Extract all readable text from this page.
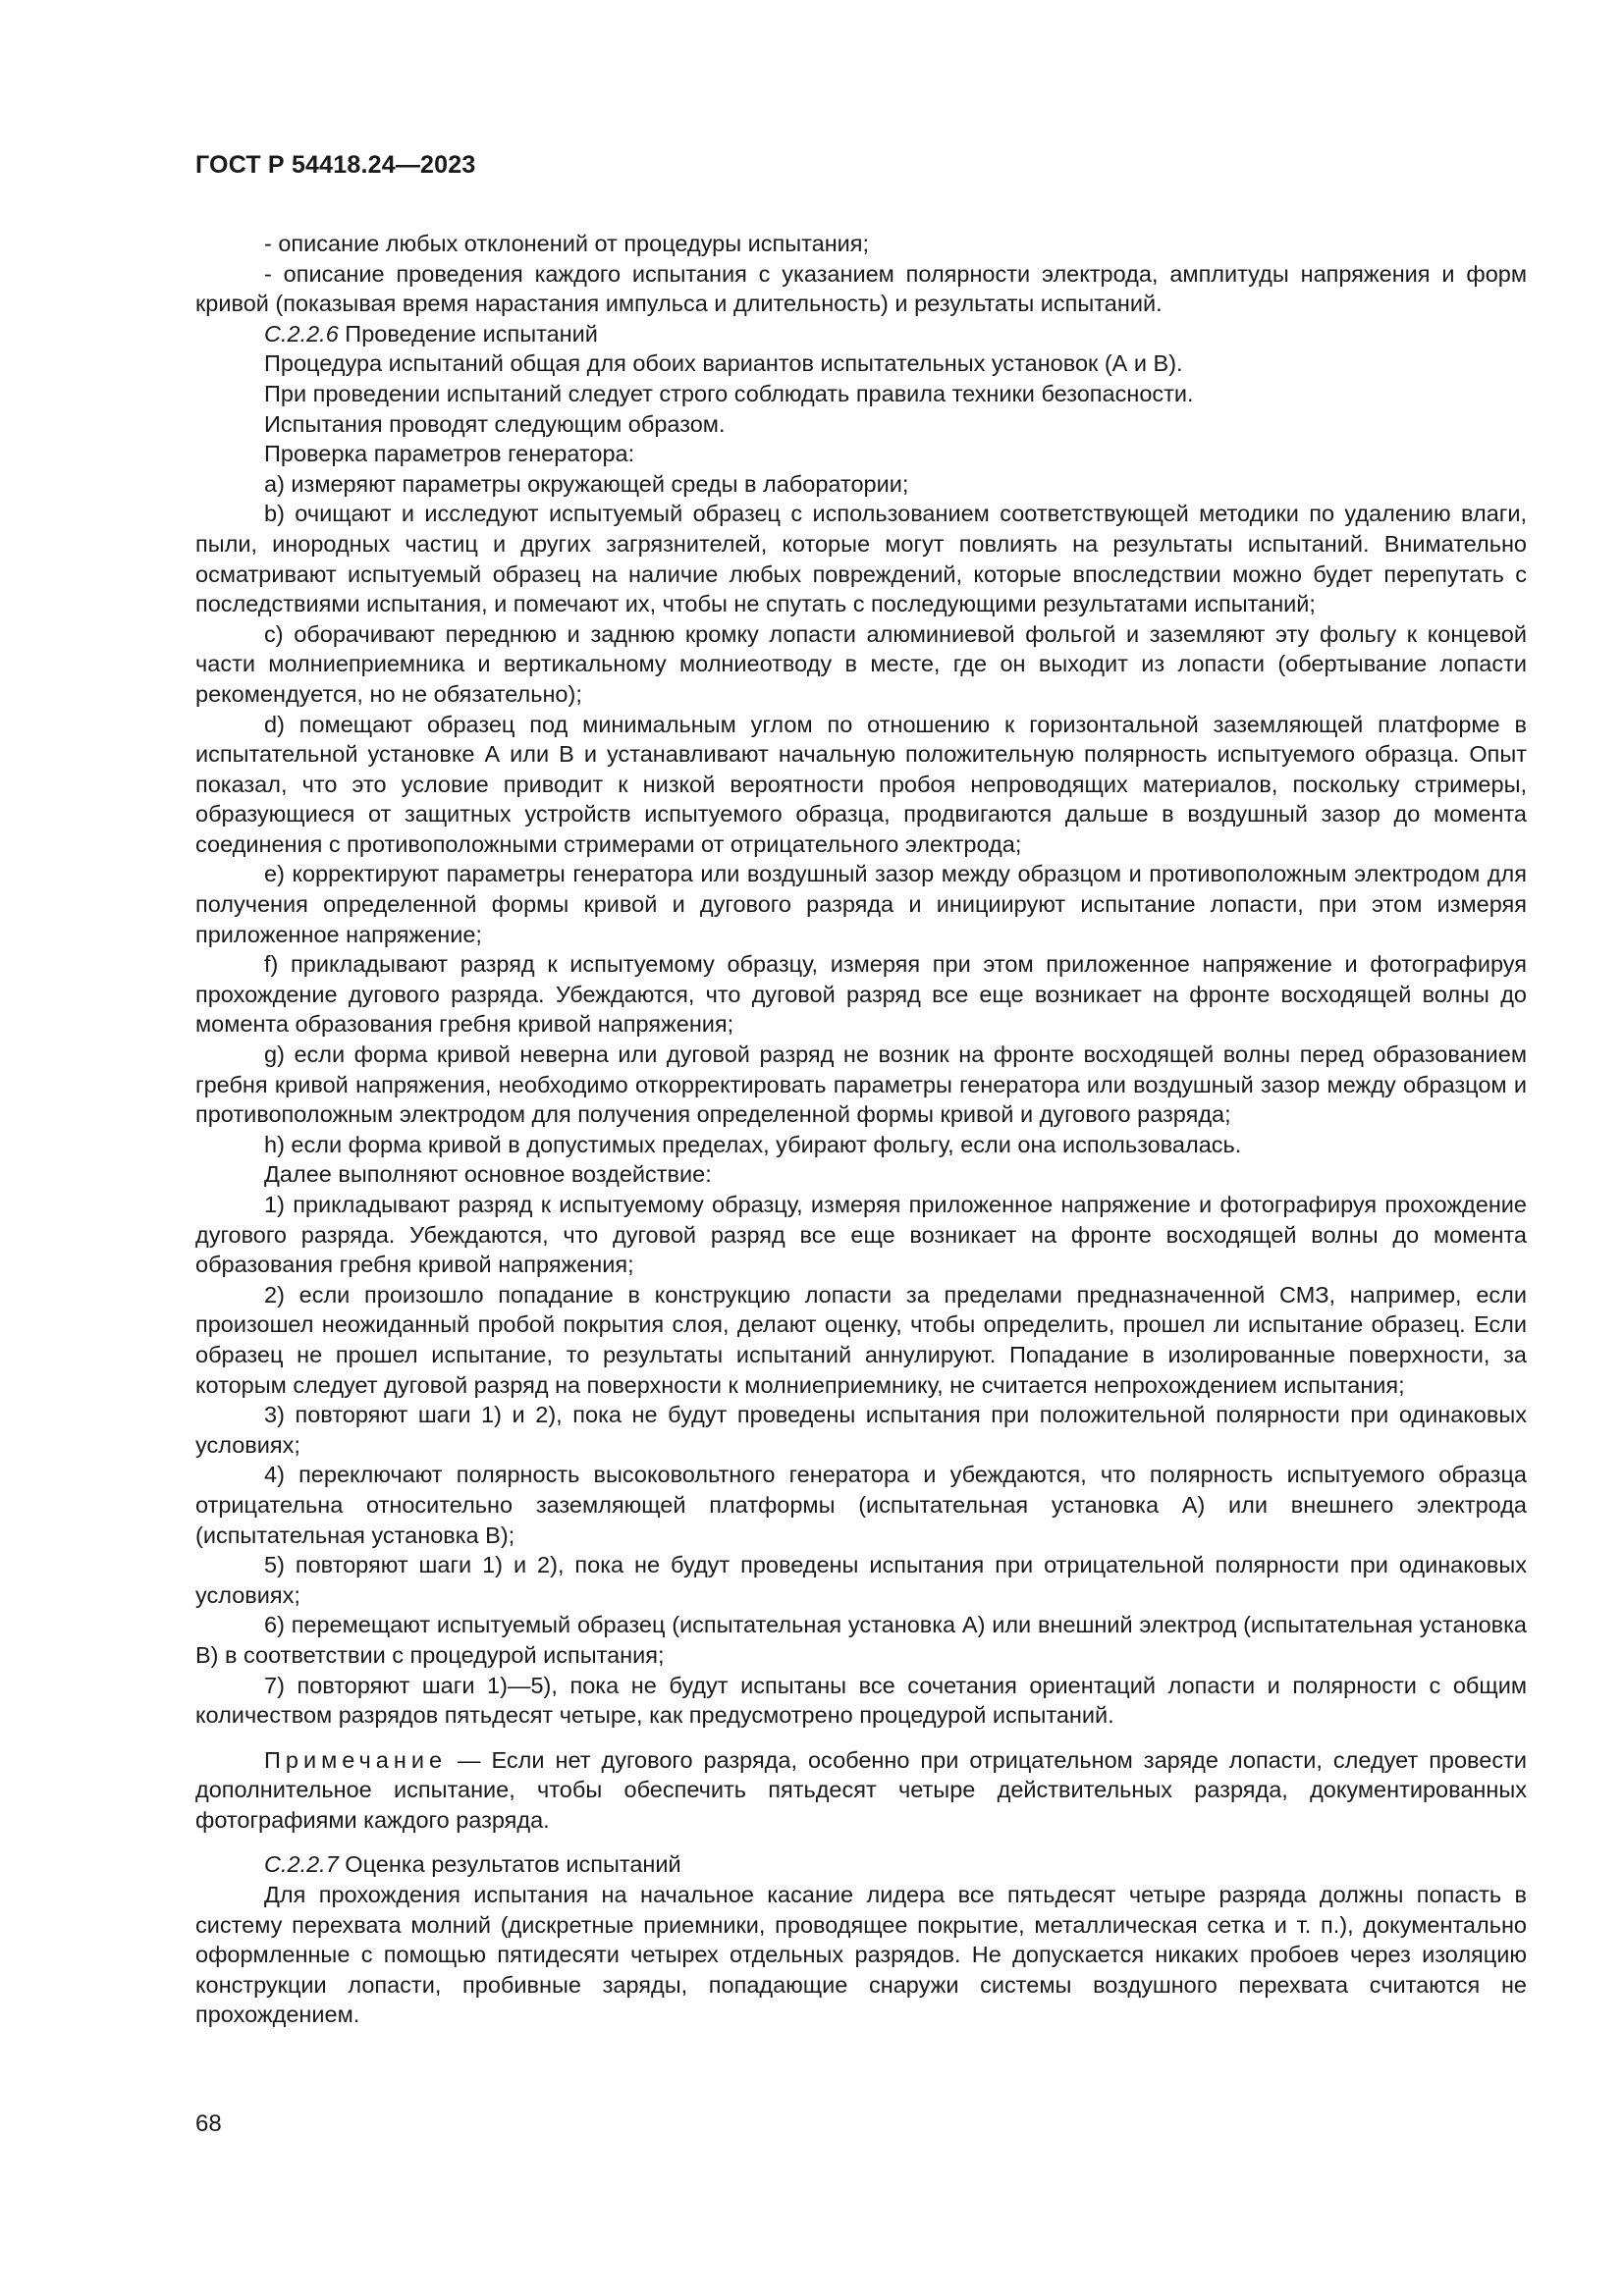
ГОСТ Р 54418.24—2023

- описание любых отклонений от процедуры испытания;

- описание проведения каждого испытания с указанием полярности электрода, амплитуды напряжения и форм кривой (показывая время нарастания импульса и длительность) и результаты испытаний.

С.2.2.6 Проведение испытаний

Процедура испытаний общая для обоих вариантов испытательных установок (А и В).

При проведении испытаний следует строго соблюдать правила техники безопасности.

Испытания проводят следующим образом.

Проверка параметров генератора:

a) измеряют параметры окружающей среды в лаборатории;

b) очищают и исследуют испытуемый образец с использованием соответствующей методики по удалению влаги, пыли, инородных частиц и других загрязнителей, которые могут повлиять на результаты испытаний. Внимательно осматривают испытуемый образец на наличие любых повреждений, которые впоследствии можно будет перепутать с последствиями испытания, и помечают их, чтобы не спутать с последующими результатами испытаний;

c) оборачивают переднюю и заднюю кромку лопасти алюминиевой фольгой и заземляют эту фольгу к концевой части молниеприемника и вертикальному молниеотводу в месте, где он выходит из лопасти (обертывание лопасти рекомендуется, но не обязательно);

d) помещают образец под минимальным углом по отношению к горизонтальной заземляющей платформе в испытательной установке А или В и устанавливают начальную положительную полярность испытуемого образца. Опыт показал, что это условие приводит к низкой вероятности пробоя непроводящих материалов, поскольку стримеры, образующиеся от защитных устройств испытуемого образца, продвигаются дальше в воздушный зазор до момента соединения с противоположными стримерами от отрицательного электрода;

e) корректируют параметры генератора или воздушный зазор между образцом и противоположным электродом для получения определенной формы кривой и дугового разряда и инициируют испытание лопасти, при этом измеряя приложенное напряжение;

f) прикладывают разряд к испытуемому образцу, измеряя при этом приложенное напряжение и фотографируя прохождение дугового разряда. Убеждаются, что дуговой разряд все еще возникает на фронте восходящей волны до момента образования гребня кривой напряжения;

g) если форма кривой неверна или дуговой разряд не возник на фронте восходящей волны перед образованием гребня кривой напряжения, необходимо откорректировать параметры генератора или воздушный зазор между образцом и противоположным электродом для получения определенной формы кривой и дугового разряда;

h) если форма кривой в допустимых пределах, убирают фольгу, если она использовалась.

Далее выполняют основное воздействие:

1) прикладывают разряд к испытуемому образцу, измеряя приложенное напряжение и фотографируя прохождение дугового разряда. Убеждаются, что дуговой разряд все еще возникает на фронте восходящей волны до момента образования гребня кривой напряжения;

2) если произошло попадание в конструкцию лопасти за пределами предназначенной СМЗ, например, если произошел неожиданный пробой покрытия слоя, делают оценку, чтобы определить, прошел ли испытание образец. Если образец не прошел испытание, то результаты испытаний аннулируют. Попадание в изолированные поверхности, за которым следует дуговой разряд на поверхности к молниеприемнику, не считается непрохождением испытания;

3) повторяют шаги 1) и 2), пока не будут проведены испытания при положительной полярности при одинаковых условиях;

4) переключают полярность высоковольтного генератора и убеждаются, что полярность испытуемого образца отрицательна относительно заземляющей платформы (испытательная установка А) или внешнего электрода (испытательная установка В);

5) повторяют шаги 1) и 2), пока не будут проведены испытания при отрицательной полярности при одинаковых условиях;

6) перемещают испытуемый образец (испытательная установка А) или внешний электрод (испытательная установка В) в соответствии с процедурой испытания;

7) повторяют шаги 1)—5), пока не будут испытаны все сочетания ориентаций лопасти и полярности с общим количеством разрядов пятьдесят четыре, как предусмотрено процедурой испытаний.

Примечание — Если нет дугового разряда, особенно при отрицательном заряде лопасти, следует провести дополнительное испытание, чтобы обеспечить пятьдесят четыре действительных разряда, документированных фотографиями каждого разряда.

С.2.2.7 Оценка результатов испытаний

Для прохождения испытания на начальное касание лидера все пятьдесят четыре разряда должны попасть в систему перехвата молний (дискретные приемники, проводящее покрытие, металлическая сетка и т. п.), документально оформленные с помощью пятидесяти четырех отдельных разрядов. Не допускается никаких пробоев через изоляцию конструкции лопасти, пробивные заряды, попадающие снаружи системы воздушного перехвата считаются не прохождением.

68
